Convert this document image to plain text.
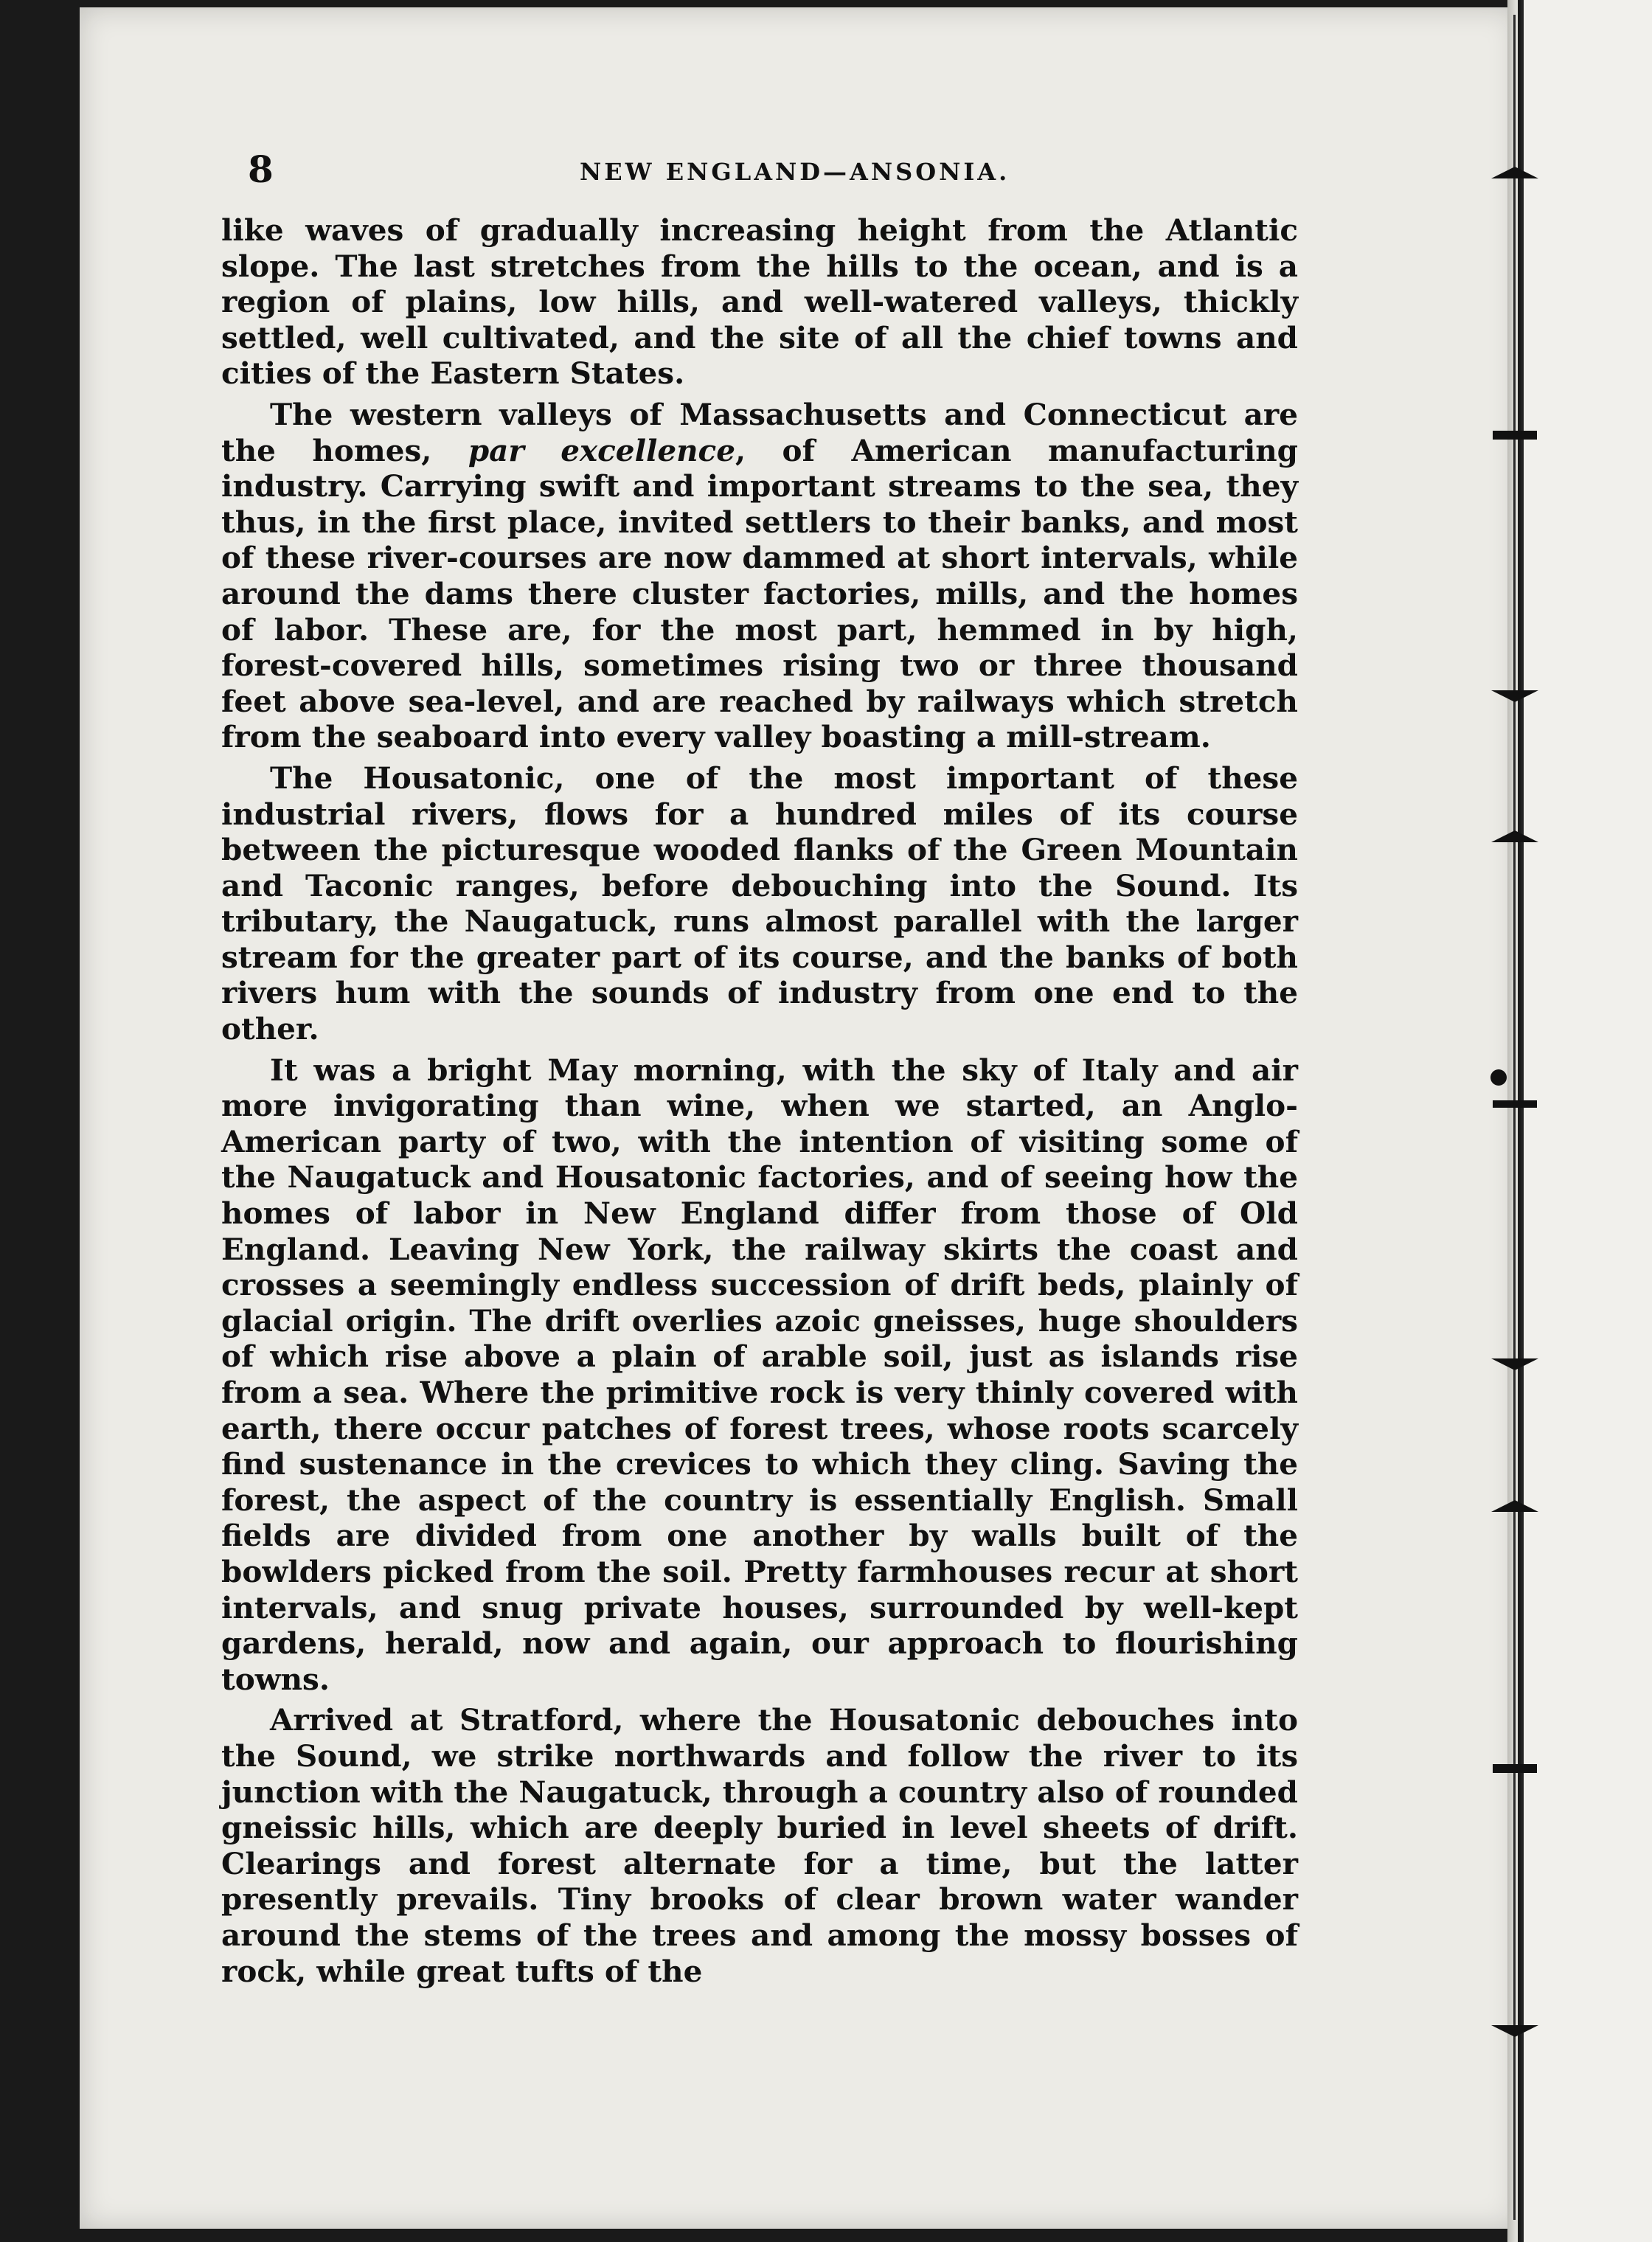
8	NEW ENGLAND—ANSONIA.

like waves of gradually increasing height from the Atlantic slope. The last stretches from the hills to the ocean, and is a region of plains, low hills, and well-watered valleys, thickly settled, well cultivated, and the site of all the chief towns and cities of the Eastern States.

The western valleys of Massachusetts and Connecticut are the homes, par excellence, of American manufacturing industry. Carrying swift and important streams to the sea, they thus, in the first place, invited settlers to their banks, and most of these river-courses are now dammed at short intervals, while around the dams there cluster factories, mills, and the homes of labor. These are, for the most part, hemmed in by high, forest-covered hills, sometimes rising two or three thousand feet above sea-level, and are reached by railways which stretch from the seaboard into every valley boasting a mill-stream.

The Housatonic, one of the most important of these industrial rivers, flows for a hundred miles of its course between the picturesque wooded flanks of the Green Mountain and Taconic ranges, before debouching into the Sound. Its tributary, the Naugatuck, runs almost parallel with the larger stream for the greater part of its course, and the banks of both rivers hum with the sounds of industry from one end to the other.

It was a bright May morning, with the sky of Italy and air more invigorating than wine, when we started, an Anglo-American party of two, with the intention of visiting some of the Naugatuck and Housatonic factories, and of seeing how the homes of labor in New England differ from those of Old England. Leaving New York, the railway skirts the coast and crosses a seemingly endless succession of drift beds, plainly of glacial origin. The drift overlies azoic gneisses, huge shoulders of which rise above a plain of arable soil, just as islands rise from a sea. Where the primitive rock is very thinly covered with earth, there occur patches of forest trees, whose roots scarcely find sustenance in the crevices to which they cling. Saving the forest, the aspect of the country is essentially English. Small fields are divided from one another by walls built of the bowlders picked from the soil. Pretty farmhouses recur at short intervals, and snug private houses, surrounded by well-kept gardens, herald, now and again, our approach to flourishing towns.

Arrived at Stratford, where the Housatonic debouches into the Sound, we strike northwards and follow the river to its junction with the Naugatuck, through a country also of rounded gneissic hills, which are deeply buried in level sheets of drift. Clearings and forest alternate for a time, but the latter presently prevails. Tiny brooks of clear brown water wander around the stems of the trees and among the mossy bosses of rock, while great tufts of the
